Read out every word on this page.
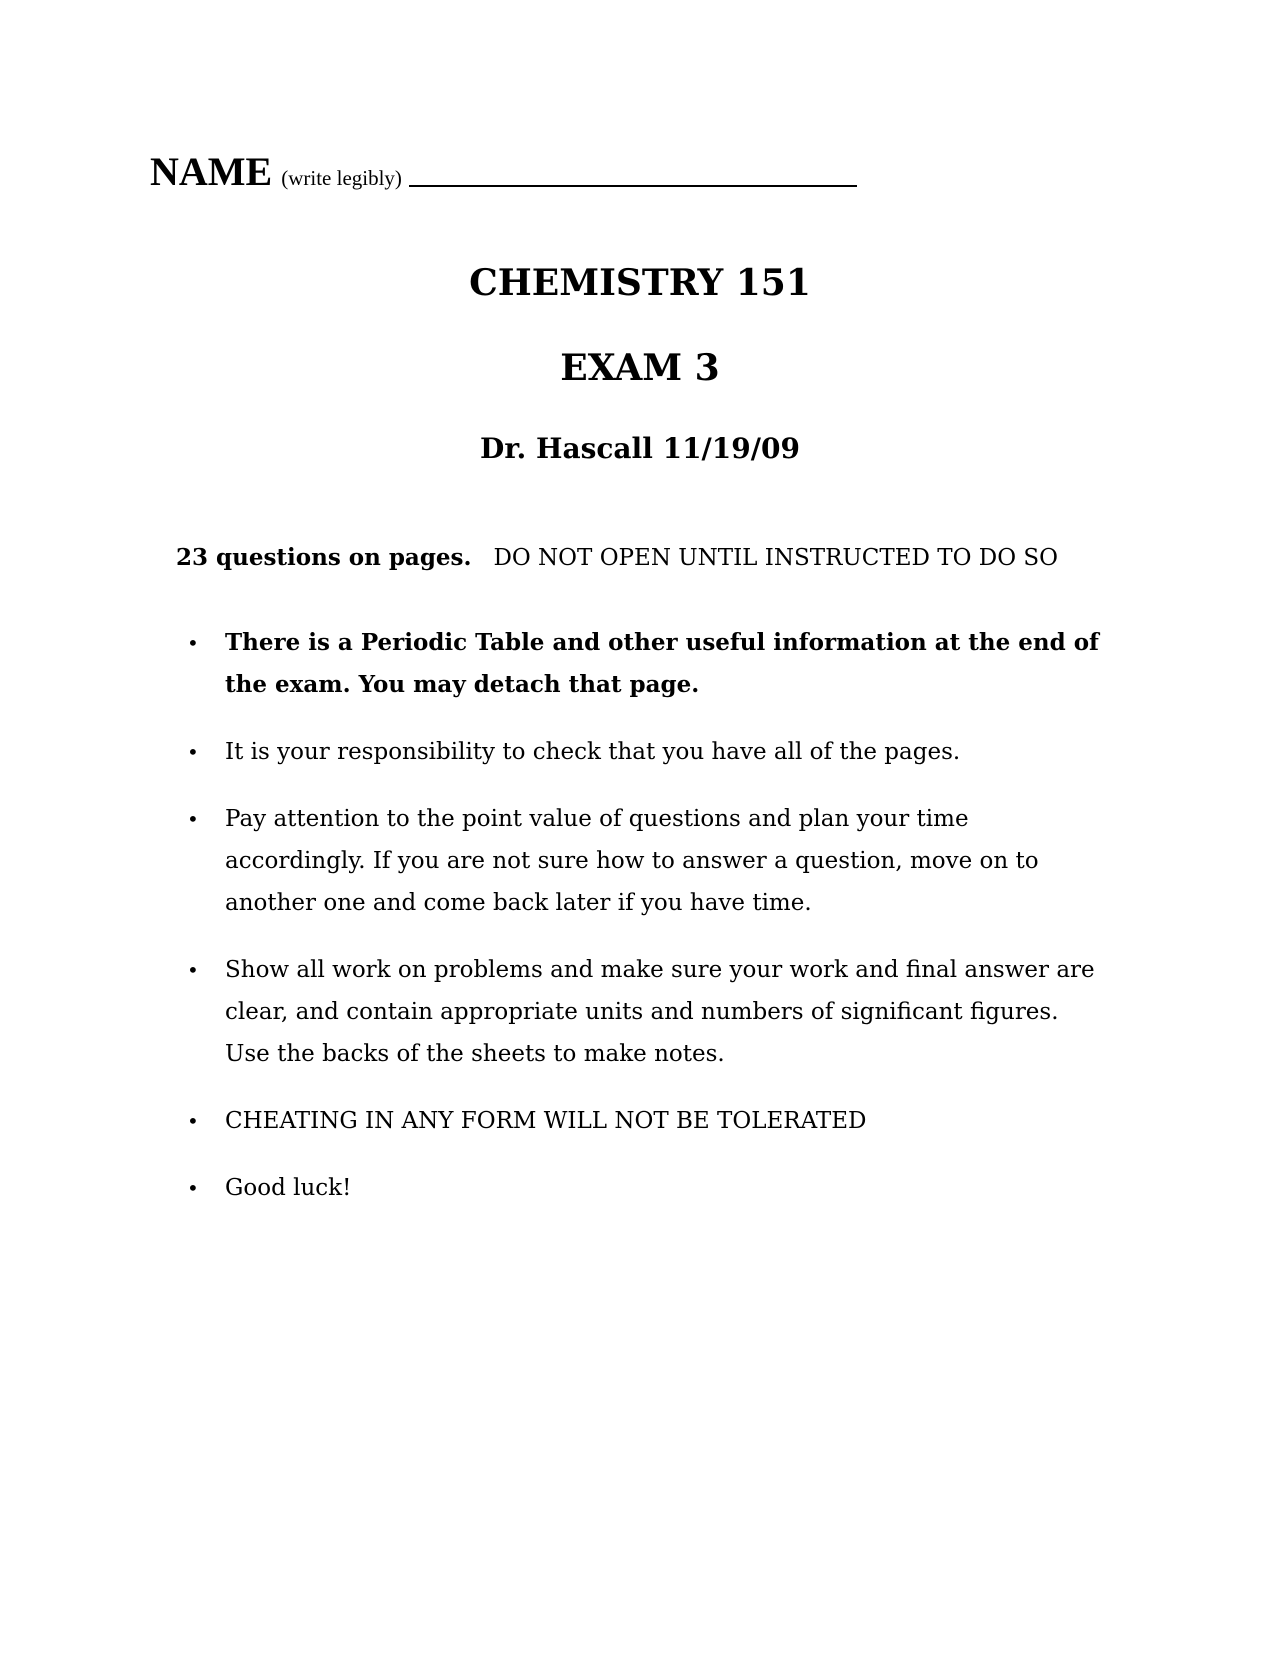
NAME (write legibly)
CHEMISTRY 151
EXAM 3
Dr. Hascall 11/19/09
23 questions on pages. DO NOT OPEN UNTIL INSTRUCTED TO DO SO
• There is a Periodic Table and other useful information at the end of the exam. You may detach that page.
• It is your responsibility to check that you have all of the pages.
• Pay attention to the point value of questions and plan your time accordingly. If you are not sure how to answer a question, move on to another one and come back later if you have time.
• Show all work on problems and make sure your work and final answer are clear, and contain appropriate units and numbers of significant figures. Use the backs of the sheets to make notes.
• CHEATING IN ANY FORM WILL NOT BE TOLERATED
• Good luck!
